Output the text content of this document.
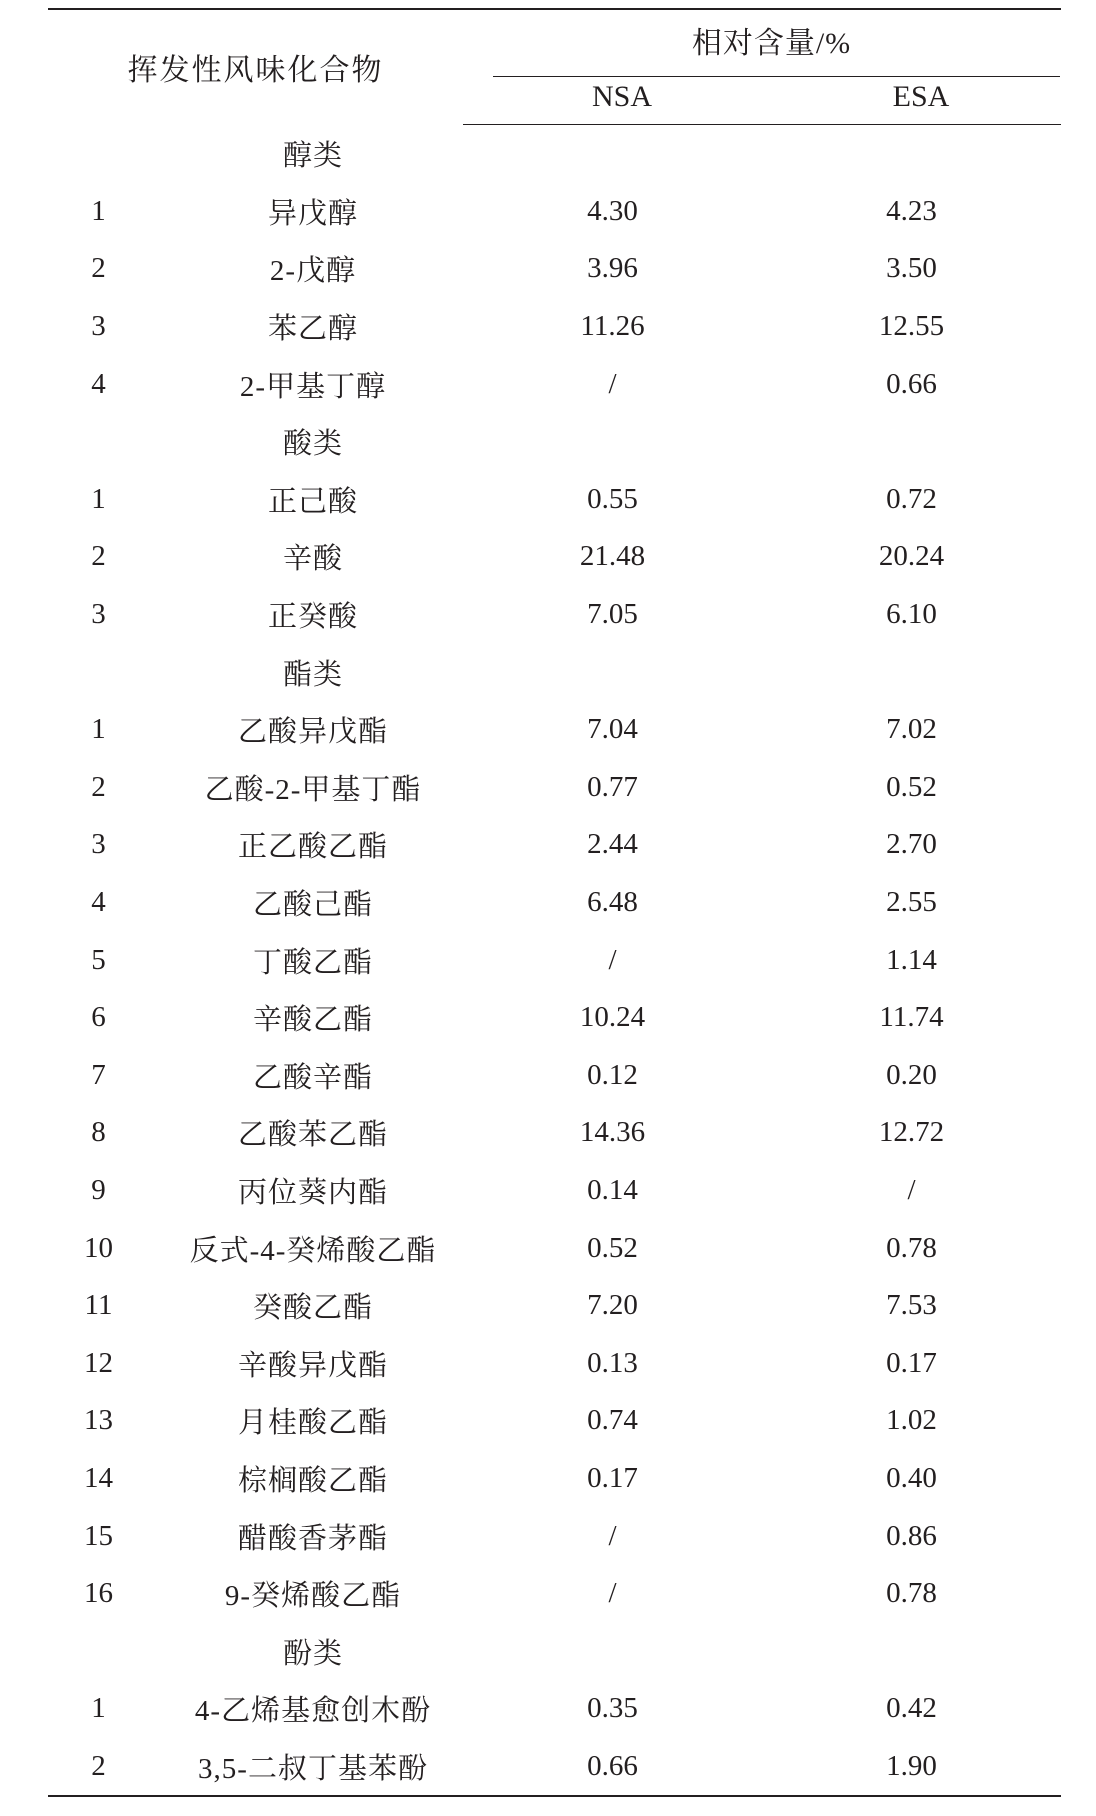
挥发性风味化合物		相对含量/%	

		NSA	ESA
	醇类		
1	异戊醇	4.30	4.23
2	2-戊醇	3.96	3.50
3	苯乙醇	11.26	12.55
4	2-甲基丁醇	/	0.66
	酸类		
1	正己酸	0.55	0.72
2	辛酸	21.48	20.24
3	正癸酸	7.05	6.10
	酯类		
1	乙酸异戊酯	7.04	7.02
2	乙酸-2-甲基丁酯	0.77	0.52
3	正乙酸乙酯	2.44	2.70
4	乙酸己酯	6.48	2.55
5	丁酸乙酯	/	1.14
6	辛酸乙酯	10.24	11.74
7	乙酸辛酯	0.12	0.20
8	乙酸苯乙酯	14.36	12.72
9	丙位葵内酯	0.14	/
10	反式-4-癸烯酸乙酯	0.52	0.78
11	癸酸乙酯	7.20	7.53
12	辛酸异戊酯	0.13	0.17
13	月桂酸乙酯	0.74	1.02
14	棕榈酸乙酯	0.17	0.40
15	醋酸香茅酯	/	0.86
16	9-癸烯酸乙酯	/	0.78
	酚类		
1	4-乙烯基愈创木酚	0.35	0.42
2	3,5-二叔丁基苯酚	0.66	1.90
